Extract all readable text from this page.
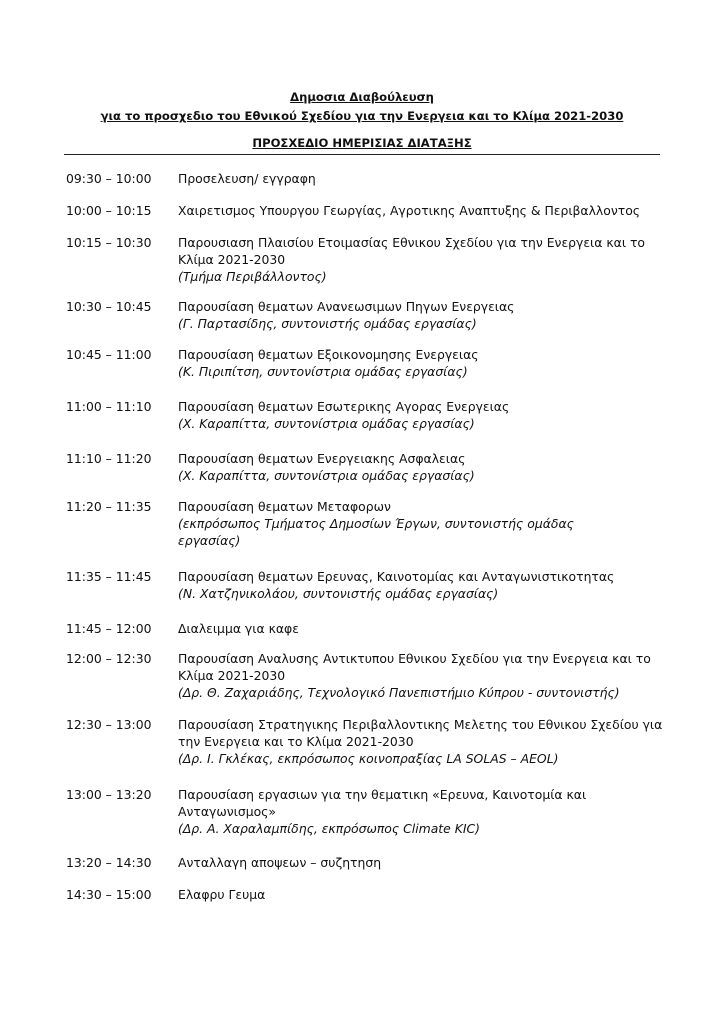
Δημοσια Διαβούλευση
για το προσχεδιο του Εθνικού Σχεδίου για την Ενεργεια και το Κλίμα 2021-2030
ΠΡΟΣΧΕΔΙΟ ΗΜΕΡΙΣΙΑΣ ΔΙΑΤΑΞΗΣ
09:30 – 10:00 Προσελευση/ εγγραφη
10:00 – 10:15 Χαιρετισμος Υπουργου Γεωργίας, Αγροτικης Αναπτυξης & Περιβαλλοντος
10:15 – 10:30 Παρουσιαση Πλαισίου Ετοιμασίας Εθνικου Σχεδίου για την Ενεργεια και το
Κλίμα 2021-2030
(Τμήμα Περιβάλλοντος)
10:30 – 10:45 Παρουσίαση θεματων Ανανεωσιμων Πηγων Ενεργειας
(Γ. Παρτασίδης, συντονιστής ομάδας εργασίας)
10:45 – 11:00 Παρουσίαση θεματων Εξοικονομησης Ενεργειας
(Κ. Πιριπίτση, συντονίστρια ομάδας εργασίας)
11:00 – 11:10 Παρουσίαση θεματων Εσωτερικης Αγορας Ενεργειας
(Χ. Καραπίττα, συντονίστρια ομάδας εργασίας)
11:10 – 11:20 Παρουσίαση θεματων Ενεργειακης Ασφαλειας
(Χ. Καραπίττα, συντονίστρια ομάδας εργασίας)
11:20 – 11:35 Παρουσίαση θεματων Μεταφορων
(εκπρόσωπος Τμήματος Δημοσίων Έργων, συντονιστής ομάδας
εργασίας)
11:35 – 11:45 Παρουσίαση θεματων Ερευνας, Καινοτομίας και Ανταγωνιστικοτητας
(Ν. Χατζηνικολάου, συντονιστής ομάδας εργασίας)
11:45 – 12:00 Διαλειμμα για καφε
12:00 – 12:30 Παρουσίαση Αναλυσης Αντικτυπου Εθνικου Σχεδίου για την Ενεργεια και το
Κλίμα 2021-2030
(Δρ. Θ. Ζαχαριάδης, Τεχνολογικό Πανεπιστήμιο Κύπρου - συντονιστής)
12:30 – 13:00 Παρουσίαση Στρατηγικης Περιβαλλοντικης Μελετης του Εθνικου Σχεδίου για
την Ενεργεια και το Κλίμα 2021-2030
(Δρ. Ι. Γκλέκας, εκπρόσωπος κοινοπραξίας LA SOLAS – AEOL)
13:00 – 13:20 Παρουσίαση εργασιων για την θεματικη «Ερευνα, Καινοτομία και
Ανταγωνισμος»
(Δρ. Α. Χαραλαμπίδης, εκπρόσωπος Climate KIC)
13:20 – 14:30 Ανταλλαγη αποψεων – συζητηση
14:30 – 15:00 Ελαφρυ Γευμα
